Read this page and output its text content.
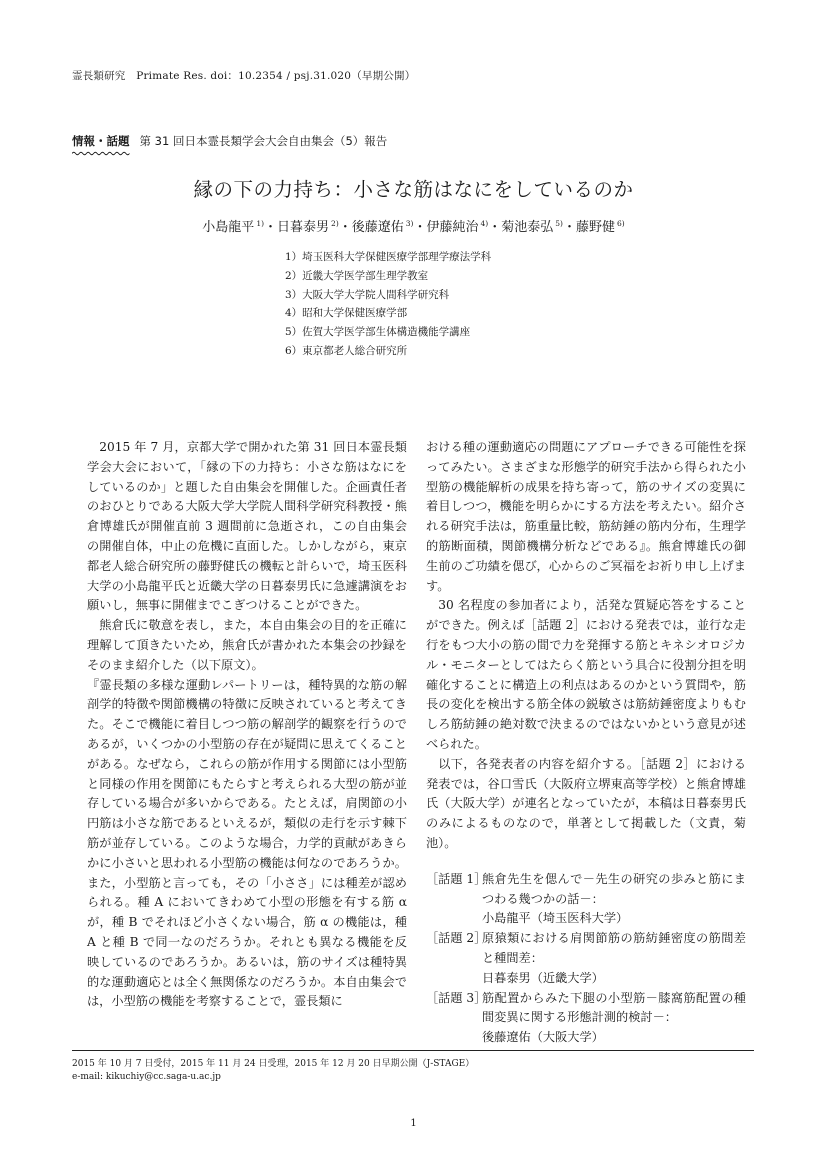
霊長類研究　Primate Res. doi：10.2354 / psj.31.020（早期公開）
情報・話題 第 31 回日本霊長類学会大会自由集会（5）報告
縁の下の力持ち：小さな筋はなにをしているのか
小島龍平 $^{1)}$・日暮泰男 $^{2)}$・後藤遼佑 $^{3)}$・伊藤純治 $^{4)}$・菊池泰弘 $^{5)}$・藤野健 $^{6)}$
1）埼玉医科大学保健医療学部理学療法学科
2）近畿大学医学部生理学教室
3）大阪大学大学院人間科学研究科
4）昭和大学保健医療学部
5）佐賀大学医学部生体構造機能学講座
6）東京都老人総合研究所

2015 年 7 月，京都大学で開かれた第 31 回日本霊長類学会大会において，「縁の下の力持ち：小さな筋はなにをしているのか」と題した自由集会を開催した。企画責任者のおひとりである大阪大学大学院人間科学研究科教授・熊倉博雄氏が開催直前 3 週間前に急逝され，この自由集会の開催自体，中止の危機に直面した。しかしながら，東京都老人総合研究所の藤野健氏の機転と計らいで，埼玉医科大学の小島龍平氏と近畿大学の日暮泰男氏に急遽講演をお願いし，無事に開催までこぎつけることができた。

熊倉氏に敬意を表し，また，本自由集会の目的を正確に理解して頂きたいため，熊倉氏が書かれた本集会の抄録をそのまま紹介した（以下原文）。

『霊長類の多様な運動レパートリーは，種特異的な筋の解剖学的特徴や関節機構の特徴に反映されていると考えてきた。そこで機能に着目しつつ筋の解剖学的観察を行うのであるが，いくつかの小型筋の存在が疑問に思えてくることがある。なぜなら，これらの筋が作用する関節には小型筋と同様の作用を関節にもたらすと考えられる大型の筋が並存している場合が多いからである。たとえば，肩関節の小円筋は小さな筋であるといえるが，類似の走行を示す棘下筋が並存している。このような場合，力学的貢献があきらかに小さいと思われる小型筋の機能は何なのであろうか。また，小型筋と言っても，その「小ささ」には種差が認められる。種 A においてきわめて小型の形態を有する筋 α が，種 B でそれほど小さくない場合，筋 α の機能は，種 A と種 B で同一なのだろうか。それとも異なる機能を反映しているのであろうか。あるいは，筋のサイズは種特異的な運動適応とは全く無関係なのだろうか。本自由集会では，小型筋の機能を考察することで，霊長類に

おける種の運動適応の問題にアプローチできる可能性を探ってみたい。さまざまな形態学的研究手法から得られた小型筋の機能解析の成果を持ち寄って，筋のサイズの変異に着目しつつ，機能を明らかにする方法を考えたい。紹介される研究手法は，筋重量比較，筋紡錘の筋内分布，生理学的筋断面積，関節機構分析などである』。熊倉博雄氏の御生前のご功績を偲び，心からのご冥福をお祈り申し上げます。

30 名程度の参加者により，活発な質疑応答をすることができた。例えば［話題 2］における発表では，並行な走行をもつ大小の筋の間で力を発揮する筋とキネシオロジカル・モニターとしてはたらく筋という具合に役割分担を明確化することに構造上の利点はあるのかという質問や，筋長の変化を検出する筋全体の鋭敏さは筋紡錘密度よりもむしろ筋紡錘の絶対数で決まるのではないかという意見が述べられた。

以下，各発表者の内容を紹介する。［話題 2］における発表では，谷口雪氏（大阪府立堺東高等学校）と熊倉博雄氏（大阪大学）が連名となっていたが，本稿は日暮泰男氏のみによるものなので，単著として掲載した（文責，菊池）。

［話題 1］
熊倉先生を偲んで－先生の研究の歩みと筋にまつわる幾つかの話－：
小島龍平（埼玉医科大学）
［話題 2］
原猿類における肩関節筋の筋紡錘密度の筋間差と種間差：
日暮泰男（近畿大学）
［話題 3］
筋配置からみた下腿の小型筋－膝窩筋配置の種間変異に関する形態計測的検討－：
後藤遼佑（大阪大学）
2015 年 10 月 7 日受付，2015 年 11 月 24 日受理，2015 年 12 月 20 日早期公開（J-STAGE）
e-mail: kikuchiy@cc.saga-u.ac.jp
1
